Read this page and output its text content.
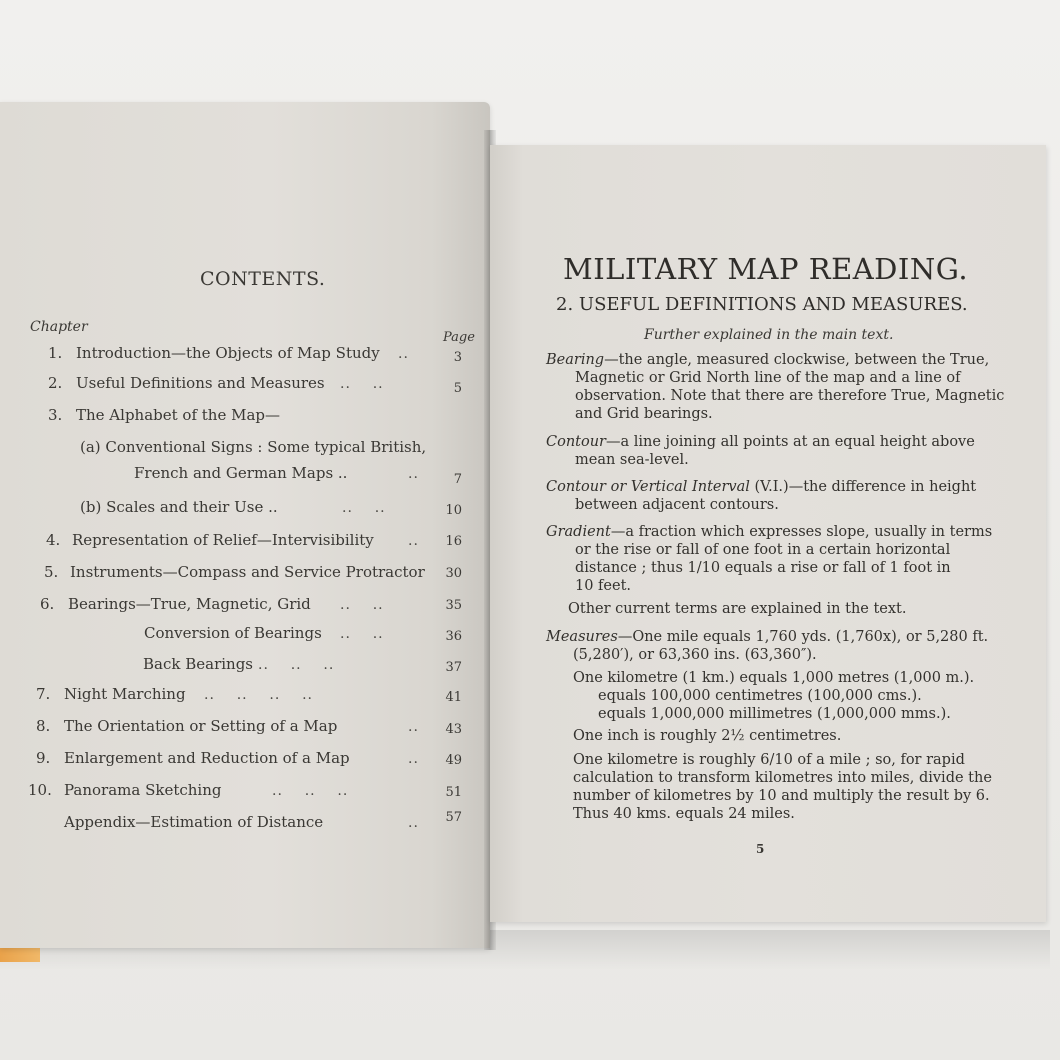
CONTENTS.
Chapter
Page
1. Introduction—the Objects of Map Study ..	3
2. Useful Definitions and Measures ..    ..	5
3. The Alphabet of the Map—
(a) Conventional Signs : Some typical British,
French and German Maps ..	..	7
(b) Scales and their Use ..	..    ..	10
4. Representation of Relief—Intervisibility ..	16
5. Instruments—Compass and Service Protractor	30
6. Bearings—True, Magnetic, Grid ..    ..	35
Conversion of Bearings ..    ..	36
Back Bearings ..    ..    ..	37
7. Night Marching ..    ..    ..    ..	41
8. The Orientation or Setting of a Map	..	43
9. Enlargement and Reduction of a Map	..	49
10. Panorama Sketching	..    ..    ..	51
Appendix—Estimation of Distance	..	57
MILITARY MAP READING.
2. USEFUL DEFINITIONS AND MEASURES.
Further explained in the main text.
Bearing—the angle, measured clockwise, between the True,
Magnetic or Grid North line of the map and a line of
observation. Note that there are therefore True, Magnetic
and Grid bearings.
Contour—a line joining all points at an equal height above
mean sea-level.
Contour or Vertical Interval (V.I.)—the difference in height
between adjacent contours.
Gradient—a fraction which expresses slope, usually in terms
or the rise or fall of one foot in a certain horizontal
distance ; thus 1/10 equals a rise or fall of 1 foot in
10 feet.
Other current terms are explained in the text.
Measures—One mile equals 1,760 yds. (1,760x), or 5,280 ft.
(5,280′), or 63,360 ins. (63,360″).
One kilometre (1 km.) equals 1,000 metres (1,000 m.).
equals 100,000 centimetres (100,000 cms.).
equals 1,000,000 millimetres (1,000,000 mms.).
One inch is roughly 2½ centimetres.
One kilometre is roughly 6/10 of a mile ; so, for rapid
calculation to transform kilometres into miles, divide the
number of kilometres by 10 and multiply the result by 6.
Thus 40 kms. equals 24 miles.
5
